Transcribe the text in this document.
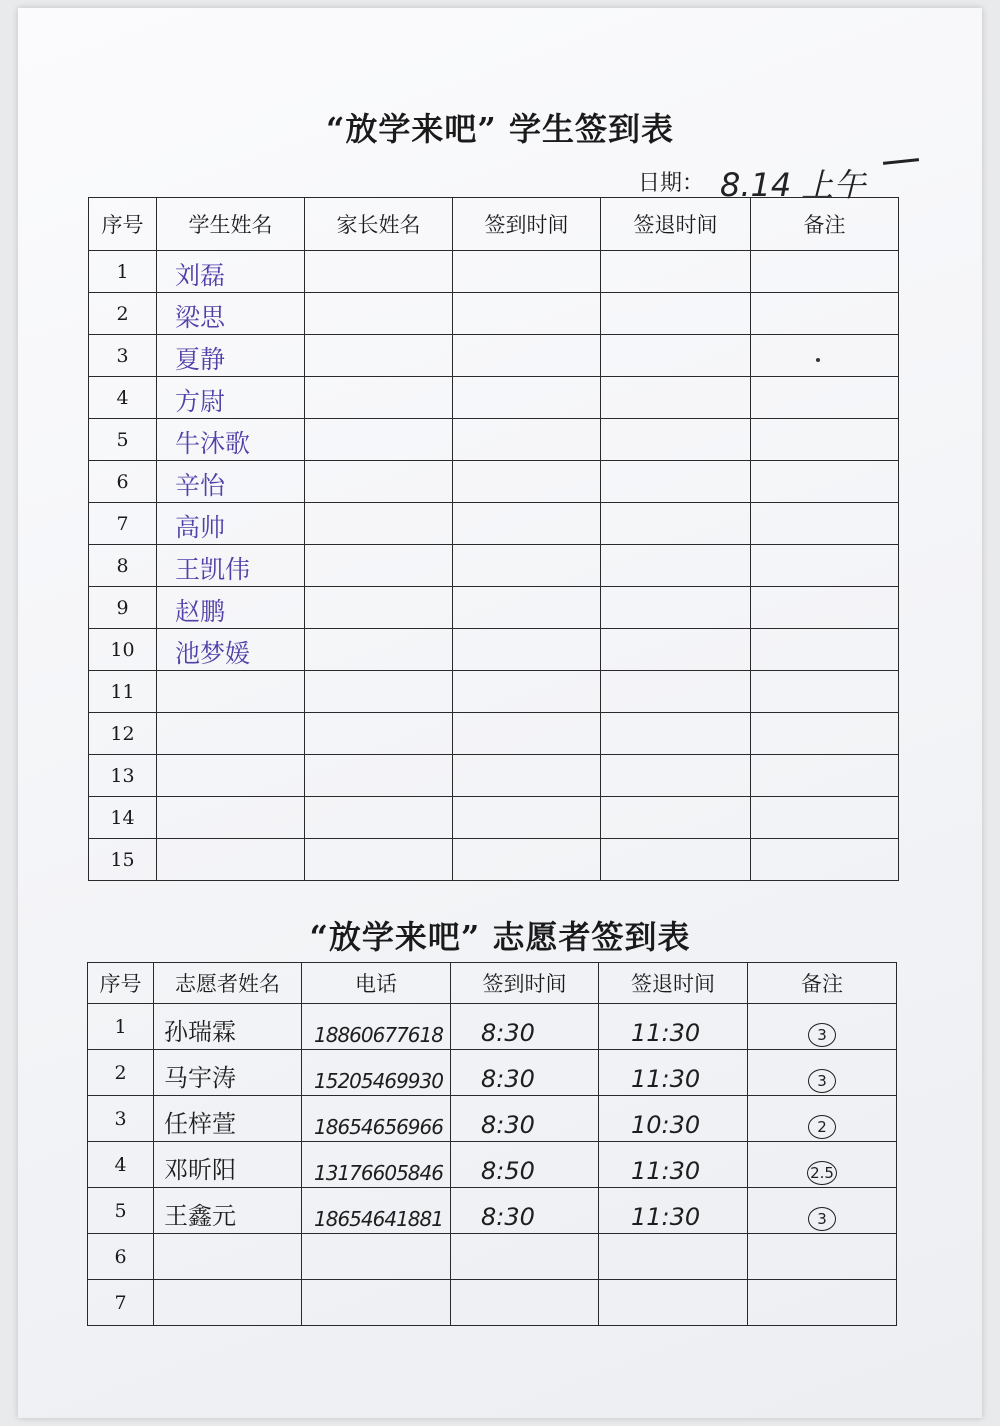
“放学来吧” 学生签到表
日期： 8.14 上午
序号	学生姓名	家长姓名	签到时间	签退时间	备注
1	刘磊				
2	梁思				
3	夏静				
4	方尉				
5	牛沐歌				
6	辛怡				
7	高帅				
8	王凯伟				
9	赵鹏				
10	池梦媛				
11					
12					
13					
14					
15					
“放学来吧” 志愿者签到表
序号	志愿者姓名	电话	签到时间	签退时间	备注
1	孙瑞霖	18860677618	8:30	11:30	3
2	马宇涛	15205469930	8:30	11:30	3
3	任梓萱	18654656966	8:30	10:30	2
4	邓昕阳	13176605846	8:50	11:30	2.5
5	王鑫元	18654641881	8:30	11:30	3
6					
7					
